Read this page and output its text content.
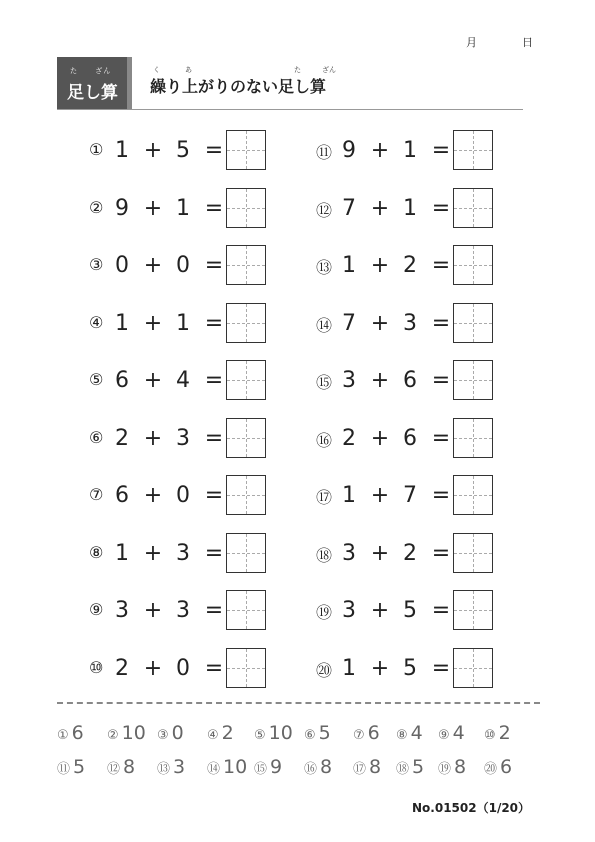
月	日
た ざん
足し算
く	あ	た	ざん
繰り上がりのない足し算
① 1 + 5 =
② 9 + 1 =
③ 0 + 0 =
④ 1 + 1 =
⑤ 6 + 4 =
⑥ 2 + 3 =
⑦ 6 + 0 =
⑧ 1 + 3 =
⑨ 3 + 3 =
⑩ 2 + 0 =
⑪ 9 + 1 =
⑫ 7 + 1 =
⑬ 1 + 2 =
⑭ 7 + 3 =
⑮ 3 + 6 =
⑯ 2 + 6 =
⑰ 1 + 7 =
⑱ 3 + 2 =
⑲ 3 + 5 =
⑳ 1 + 5 =
① 6 ② 10 ③ 0 ④ 2 ⑤ 10 ⑥ 5 ⑦ 6 ⑧ 4 ⑨ 4 ⑩ 2
⑪ 5 ⑫ 8 ⑬ 3 ⑭ 10 ⑮ 9 ⑯ 8 ⑰ 8 ⑱ 5 ⑲ 8 ⑳ 6
No.01502（1/20）
